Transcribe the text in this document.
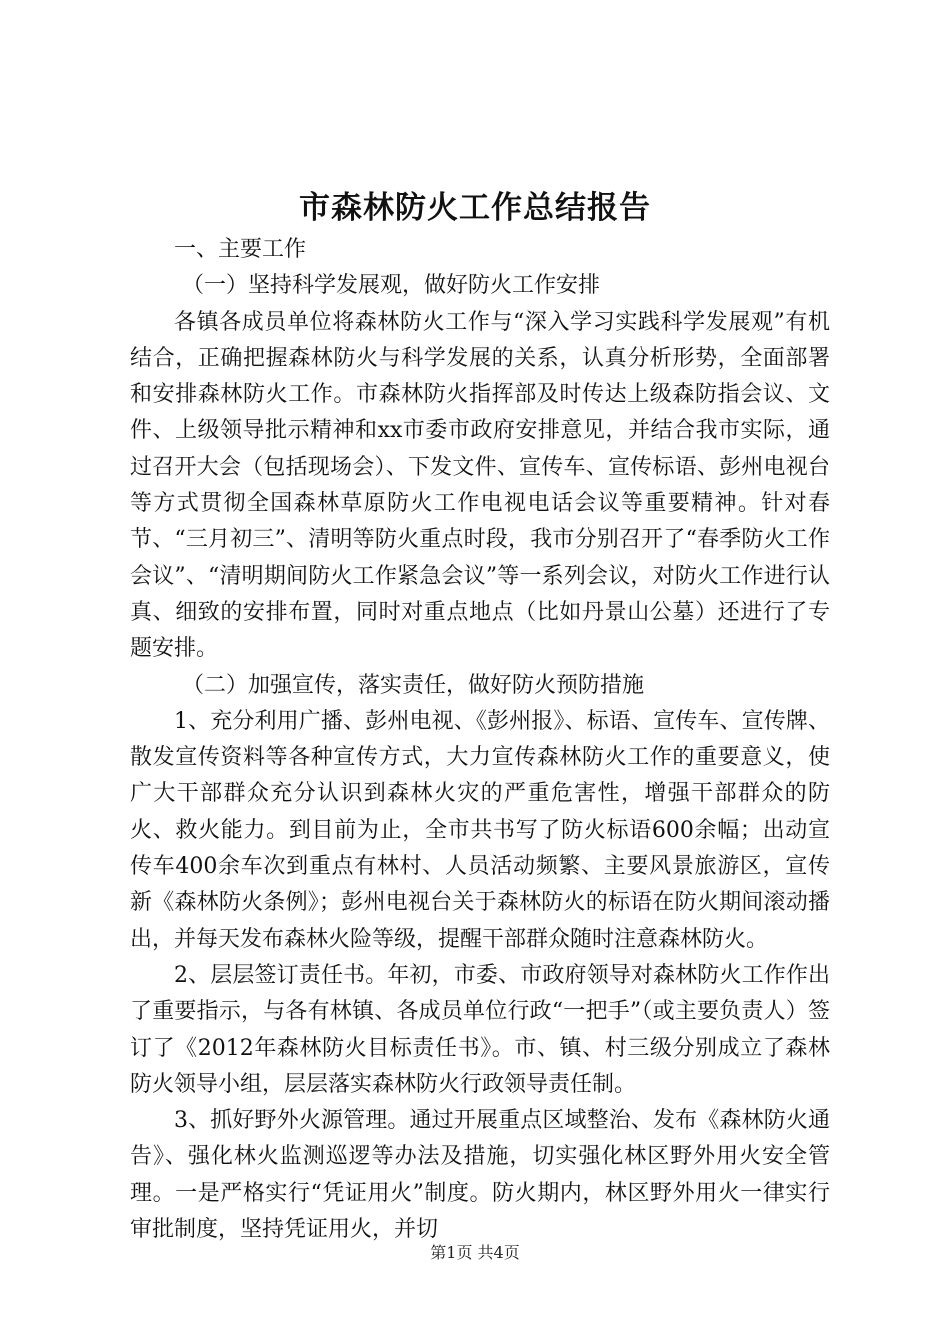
市森林防火工作总结报告

一、主要工作

（一）坚持科学发展观，做好防火工作安排

各镇各成员单位将森林防火工作与“深入学习实践科学发展观”有机结合，正确把握森林防火与科学发展的关系，认真分析形势，全面部署和安排森林防火工作。市森林防火指挥部及时传达上级森防指会议、文件、上级领导批示精神和xx市委市政府安排意见，并结合我市实际，通过召开大会（包括现场会）、下发文件、宣传车、宣传标语、彭州电视台等方式贯彻全国森林草原防火工作电视电话会议等重要精神。针对春节、“三月初三”、清明等防火重点时段，我市分别召开了“春季防火工作会议”、“清明期间防火工作紧急会议”等一系列会议，对防火工作进行认真、细致的安排布置，同时对重点地点（比如丹景山公墓）还进行了专题安排。

（二）加强宣传，落实责任，做好防火预防措施

1、充分利用广播、彭州电视、《彭州报》、标语、宣传车、宣传牌、散发宣传资料等各种宣传方式，大力宣传森林防火工作的重要意义，使广大干部群众充分认识到森林火灾的严重危害性，增强干部群众的防火、救火能力。到目前为止，全市共书写了防火标语600余幅；出动宣传车400余车次到重点有林村、人员活动频繁、主要风景旅游区，宣传新《森林防火条例》；彭州电视台关于森林防火的标语在防火期间滚动播出，并每天发布森林火险等级，提醒干部群众随时注意森林防火。

2、层层签订责任书。年初，市委、市政府领导对森林防火工作作出了重要指示，与各有林镇、各成员单位行政“一把手”（或主要负责人）签订了《2012年森林防火目标责任书》。市、镇、村三级分别成立了森林防火领导小组，层层落实森林防火行政领导责任制。

3、抓好野外火源管理。通过开展重点区域整治、发布《森林防火通告》、强化林火监测巡逻等办法及措施，切实强化林区野外用火安全管理。一是严格实行“凭证用火”制度。防火期内，林区野外用火一律实行审批制度，坚持凭证用火，并切

第1页 共4页
